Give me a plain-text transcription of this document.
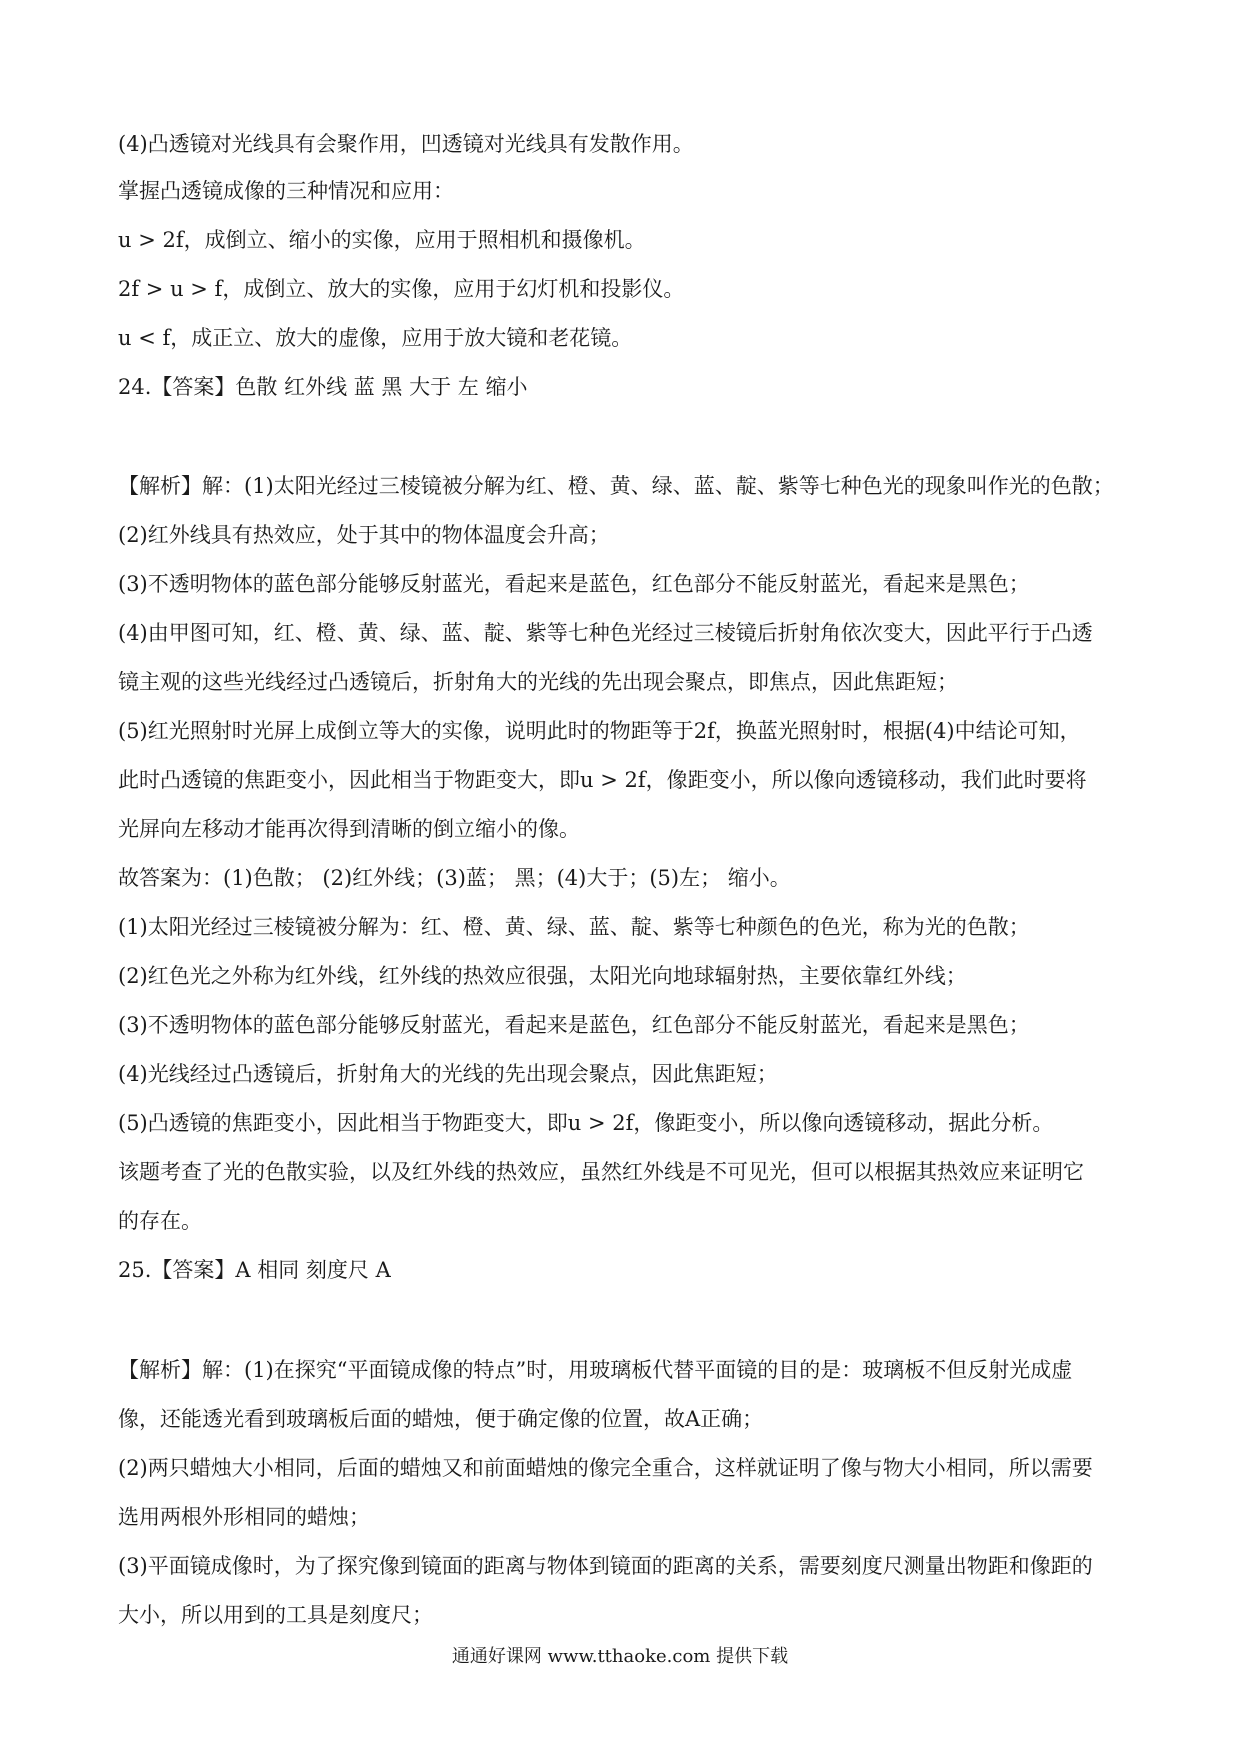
(4)凸透镜对光线具有会聚作用，凹透镜对光线具有发散作用。
掌握凸透镜成像的三种情况和应用：
u > 2f，成倒立、缩小的实像，应用于照相机和摄像机。
2f > u > f，成倒立、放大的实像，应用于幻灯机和投影仪。
u < f，成正立、放大的虚像，应用于放大镜和老花镜。
24.【答案】色散 红外线 蓝 黑 大于 左 缩小
【解析】解：(1)太阳光经过三棱镜被分解为红、橙、黄、绿、蓝、靛、紫等七种色光的现象叫作光的色散；
(2)红外线具有热效应，处于其中的物体温度会升高；
(3)不透明物体的蓝色部分能够反射蓝光，看起来是蓝色，红色部分不能反射蓝光，看起来是黑色；
(4)由甲图可知，红、橙、黄、绿、蓝、靛、紫等七种色光经过三棱镜后折射角依次变大，因此平行于凸透
镜主观的这些光线经过凸透镜后，折射角大的光线的先出现会聚点，即焦点，因此焦距短；
(5)红光照射时光屏上成倒立等大的实像，说明此时的物距等于2f，换蓝光照射时，根据(4)中结论可知，
此时凸透镜的焦距变小，因此相当于物距变大，即u > 2f，像距变小，所以像向透镜移动，我们此时要将
光屏向左移动才能再次得到清晰的倒立缩小的像。
故答案为：(1)色散； (2)红外线；(3)蓝； 黑；(4)大于；(5)左； 缩小。
(1)太阳光经过三棱镜被分解为：红、橙、黄、绿、蓝、靛、紫等七种颜色的色光，称为光的色散；
(2)红色光之外称为红外线，红外线的热效应很强，太阳光向地球辐射热，主要依靠红外线；
(3)不透明物体的蓝色部分能够反射蓝光，看起来是蓝色，红色部分不能反射蓝光，看起来是黑色；
(4)光线经过凸透镜后，折射角大的光线的先出现会聚点，因此焦距短；
(5)凸透镜的焦距变小，因此相当于物距变大，即u > 2f，像距变小，所以像向透镜移动，据此分析。
该题考查了光的色散实验，以及红外线的热效应，虽然红外线是不可见光，但可以根据其热效应来证明它
的存在。
25.【答案】A 相同 刻度尺 A
【解析】解：(1)在探究“平面镜成像的特点”时，用玻璃板代替平面镜的目的是：玻璃板不但反射光成虚
像，还能透光看到玻璃板后面的蜡烛，便于确定像的位置，故A正确；
(2)两只蜡烛大小相同，后面的蜡烛又和前面蜡烛的像完全重合，这样就证明了像与物大小相同，所以需要
选用两根外形相同的蜡烛；
(3)平面镜成像时，为了探究像到镜面的距离与物体到镜面的距离的关系，需要刻度尺测量出物距和像距的
大小，所以用到的工具是刻度尺；
通通好课网 www.tthaoke.com 提供下载
